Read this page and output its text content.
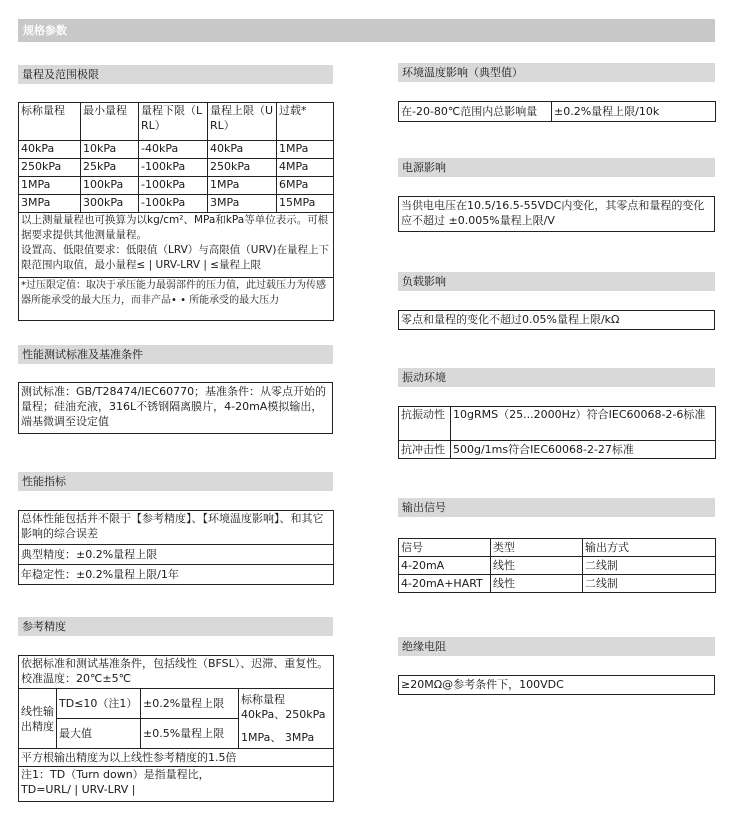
规格参数
量程及范围极限
标称量程	最小量程	量程下限（LRL）	量程上限（URL）	过载*
40kPa	10kPa	-40kPa	40kPa	1MPa
250kPa	25kPa	-100kPa	250kPa	4MPa
1MPa	100kPa	-100kPa	1MPa	6MPa
3MPa	300kPa	-100kPa	3MPa	15MPa

以上测量量程也可换算为以kg/cm²、MPa和kPa等单位表示。可根据要求提供其他测量量程。
设置高、低限值要求：低限值（LRV）与高限值（URV)在量程上下限范围内取值，最小量程≤ | URV-LRV | ≤量程上限				

*过压限定值：取决于承压能力最弱部件的压力值，此过载压力为传感器所能承受的最大压力，而非产品• • 所能承受的最大压力				
性能测试标准及基准条件
测试标准：GB/T28474/IEC60770；基准条件：从零点开始的量程；硅油充液，316L不锈钢隔离膜片，4-20mA模拟输出，端基微调至设定值
性能指标
总体性能包括并不限于【参考精度】、【环境温度影响】、和其它影响的综合误差
典型精度：±0.2%量程上限
年稳定性：±0.2%量程上限/1年
参考精度
依据标准和测试基准条件，包括线性（BFSL）、迟滞、重复性。校准温度：20℃±5℃			
线性输出精度	TD≤10（注1）	±0.2%量程上限	标称量程
40kPa、250kPa
1MPa、 3MPa

	最大值	±0.5%量程上限	
平方根输出精度为以上线性参考精度的1.5倍			

注1：TD（Turn down）是指量程比，
TD=URL/ | URV-LRV |			
环境温度影响（典型值）
在-20-80℃范围内总影响量	±0.2%量程上限/10k
电源影响
当供电电压在10.5/16.5-55VDC内变化，其零点和量程的变化应不超过 ±0.005%量程上限/V
负载影响
零点和量程的变化不超过0.05%量程上限/kΩ
振动环境
抗振动性	10gRMS（25...2000Hz）符合IEC60068-2-6标准
抗冲击性	500g/1ms符合IEC60068-2-27标准
输出信号
信号	类型	输出方式
4-20mA	线性	二线制
4-20mA+HART	线性	二线制
绝缘电阻
≥20MΩ@参考条件下，100VDC
